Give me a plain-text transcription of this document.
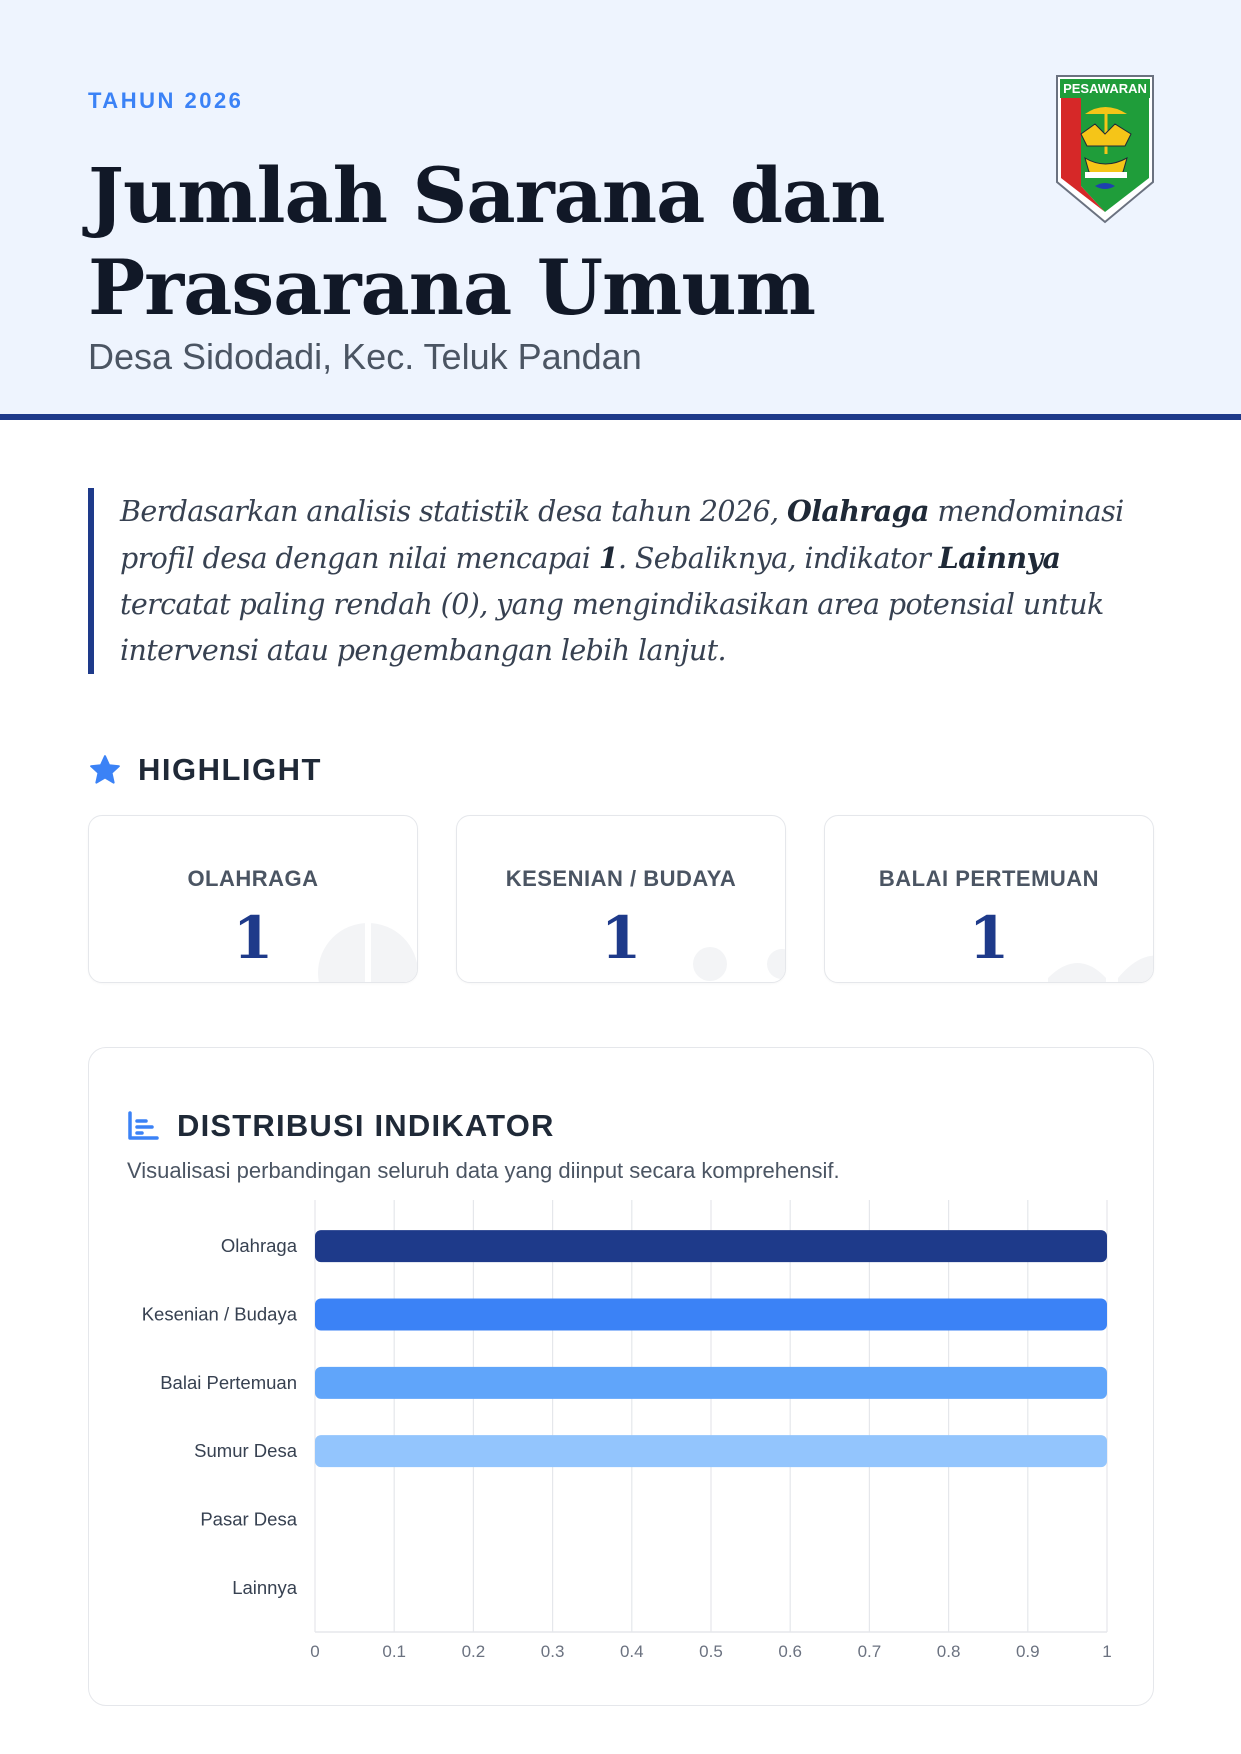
TAHUN 2026
Jumlah Sarana dan Prasarana Umum
Desa Sidodadi, Kec. Teluk Pandan
PESAWARAN
Berdasarkan analisis statistik desa tahun 2026, Olahraga mendominasi profil desa dengan nilai mencapai 1. Sebaliknya, indikator Lainnya tercatat paling rendah (0), yang mengindikasikan area potensial untuk intervensi atau pengembangan lebih lanjut.
HIGHLIGHT
OLAHRAGA
1
KESENIAN / BUDAYA
1
BALAI PERTEMUAN
1
DISTRIBUSI INDIKATOR
Visualisasi perbandingan seluruh data yang diinput secara komprehensif.
0	0.1	0.2	0.3	0.4	0.5	0.6	0.7	0.8	0.9	1
Olahraga
Kesenian / Budaya
Balai Pertemuan
Sumur Desa
Pasar Desa
Lainnya
